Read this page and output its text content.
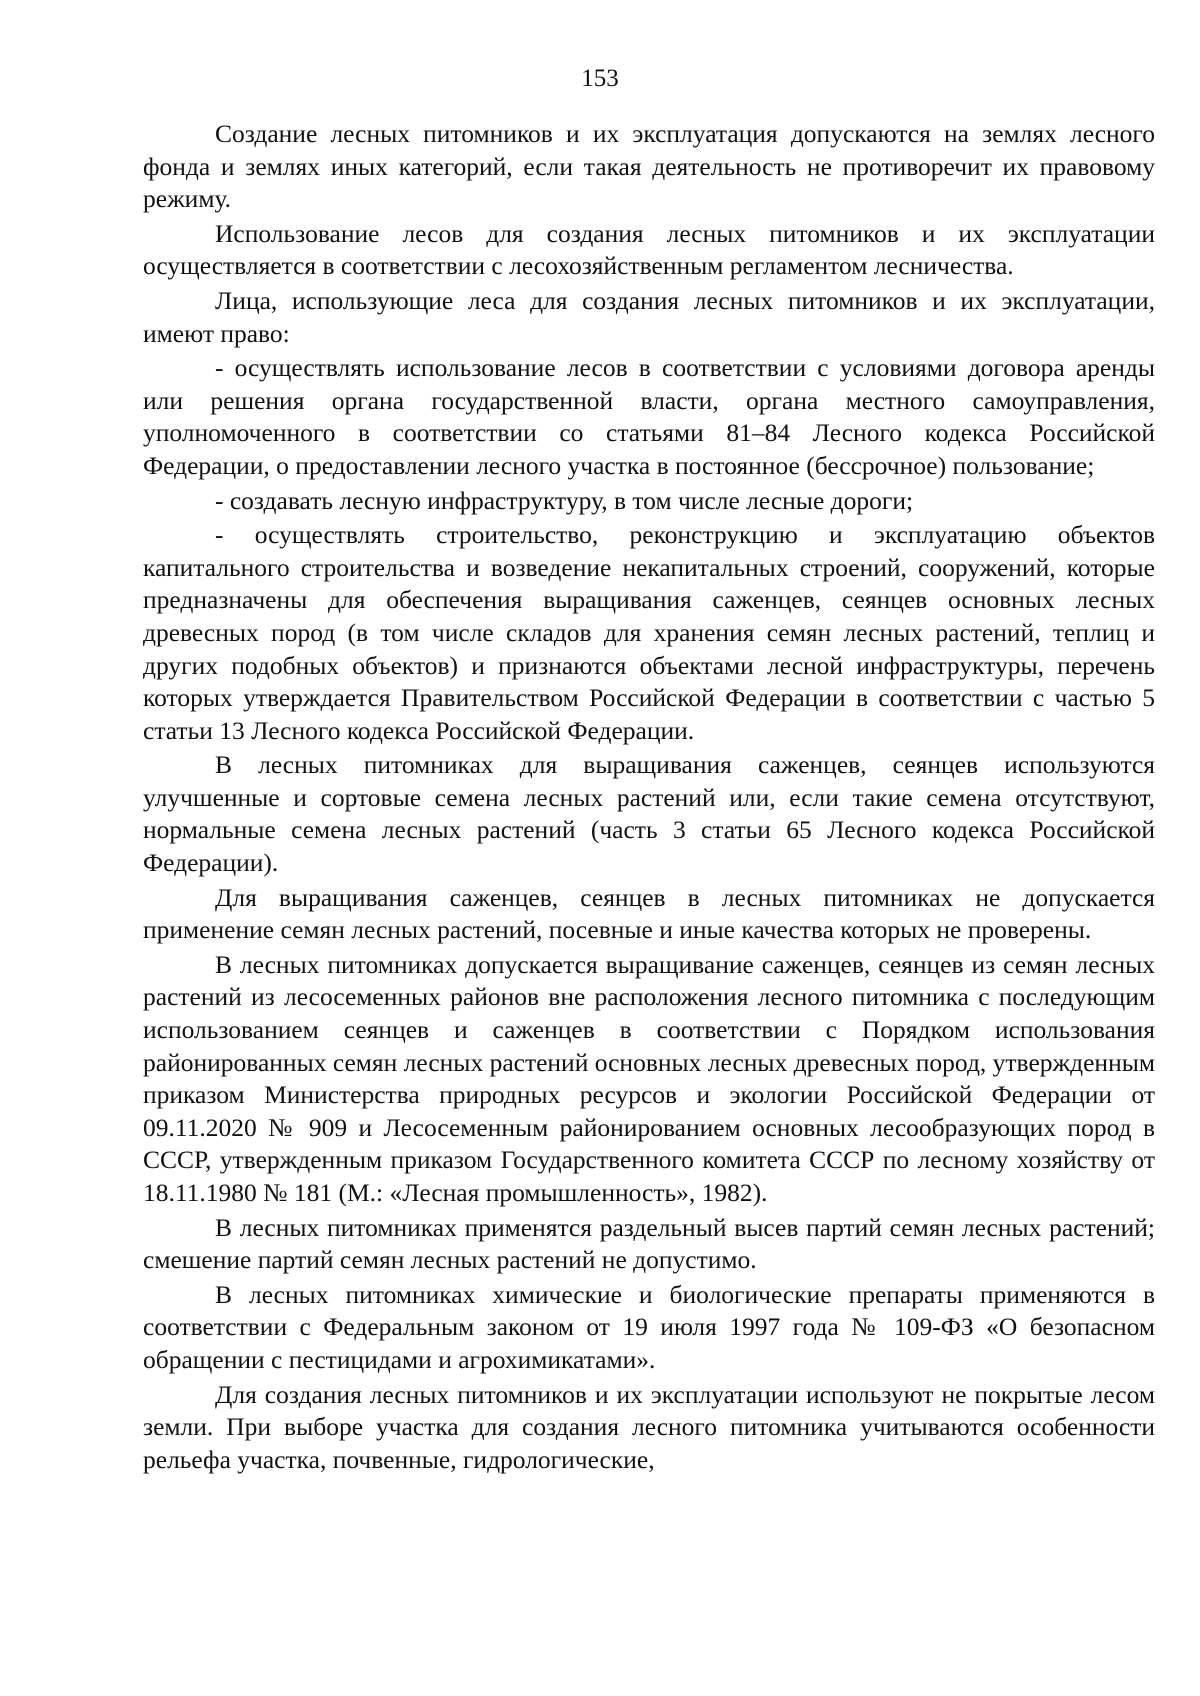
153

Создание лесных питомников и их эксплуатация допускаются на землях лесного фонда и землях иных категорий, если такая деятельность не противоречит их правовому режиму.

Использование лесов для создания лесных питомников и их эксплуатации осуществляется в соответствии с лесохозяйственным регламентом лесничества.

Лица, использующие леса для создания лесных питомников и их эксплуатации, имеют право:

- осуществлять использование лесов в соответствии с условиями договора аренды или решения органа государственной власти, органа местного самоуправления, уполномоченного в соответствии со статьями 81–84 Лесного кодекса Российской Федерации, о предоставлении лесного участка в постоянное (бессрочное) пользование;

- создавать лесную инфраструктуру, в том числе лесные дороги;

- осуществлять строительство, реконструкцию и эксплуатацию объектов капитального строительства и возведение некапитальных строений, сооружений, которые предназначены для обеспечения выращивания саженцев, сеянцев основных лесных древесных пород (в том числе складов для хранения семян лесных растений, теплиц и других подобных объектов) и признаются объектами лесной инфраструктуры, перечень которых утверждается Правительством Российской Федерации в соответствии с частью 5 статьи 13 Лесного кодекса Российской Федерации.

В лесных питомниках для выращивания саженцев, сеянцев используются улучшенные и сортовые семена лесных растений или, если такие семена отсутствуют, нормальные семена лесных растений (часть 3 статьи 65 Лесного кодекса Российской Федерации).

Для выращивания саженцев, сеянцев в лесных питомниках не допускается применение семян лесных растений, посевные и иные качества которых не проверены.

В лесных питомниках допускается выращивание саженцев, сеянцев из семян лесных растений из лесосеменных районов вне расположения лесного питомника с последующим использованием сеянцев и саженцев в соответствии с Порядком использования районированных семян лесных растений основных лесных древесных пород, утвержденным приказом Министерства природных ресурсов и экологии Российской Федерации от 09.11.2020 № 909 и Лесосеменным районированием основных лесообразующих пород в СССР, утвержденным приказом Государственного комитета СССР по лесному хозяйству от 18.11.1980 № 181 (М.: «Лесная промышленность», 1982).

В лесных питомниках применятся раздельный высев партий семян лесных растений; смешение партий семян лесных растений не допустимо.

В лесных питомниках химические и биологические препараты применяются в соответствии с Федеральным законом от 19 июля 1997 года № 109-ФЗ «О безопасном обращении с пестицидами и агрохимикатами».

Для создания лесных питомников и их эксплуатации используют не покрытые лесом земли. При выборе участка для создания лесного питомника учитываются особенности рельефа участка, почвенные, гидрологические,
